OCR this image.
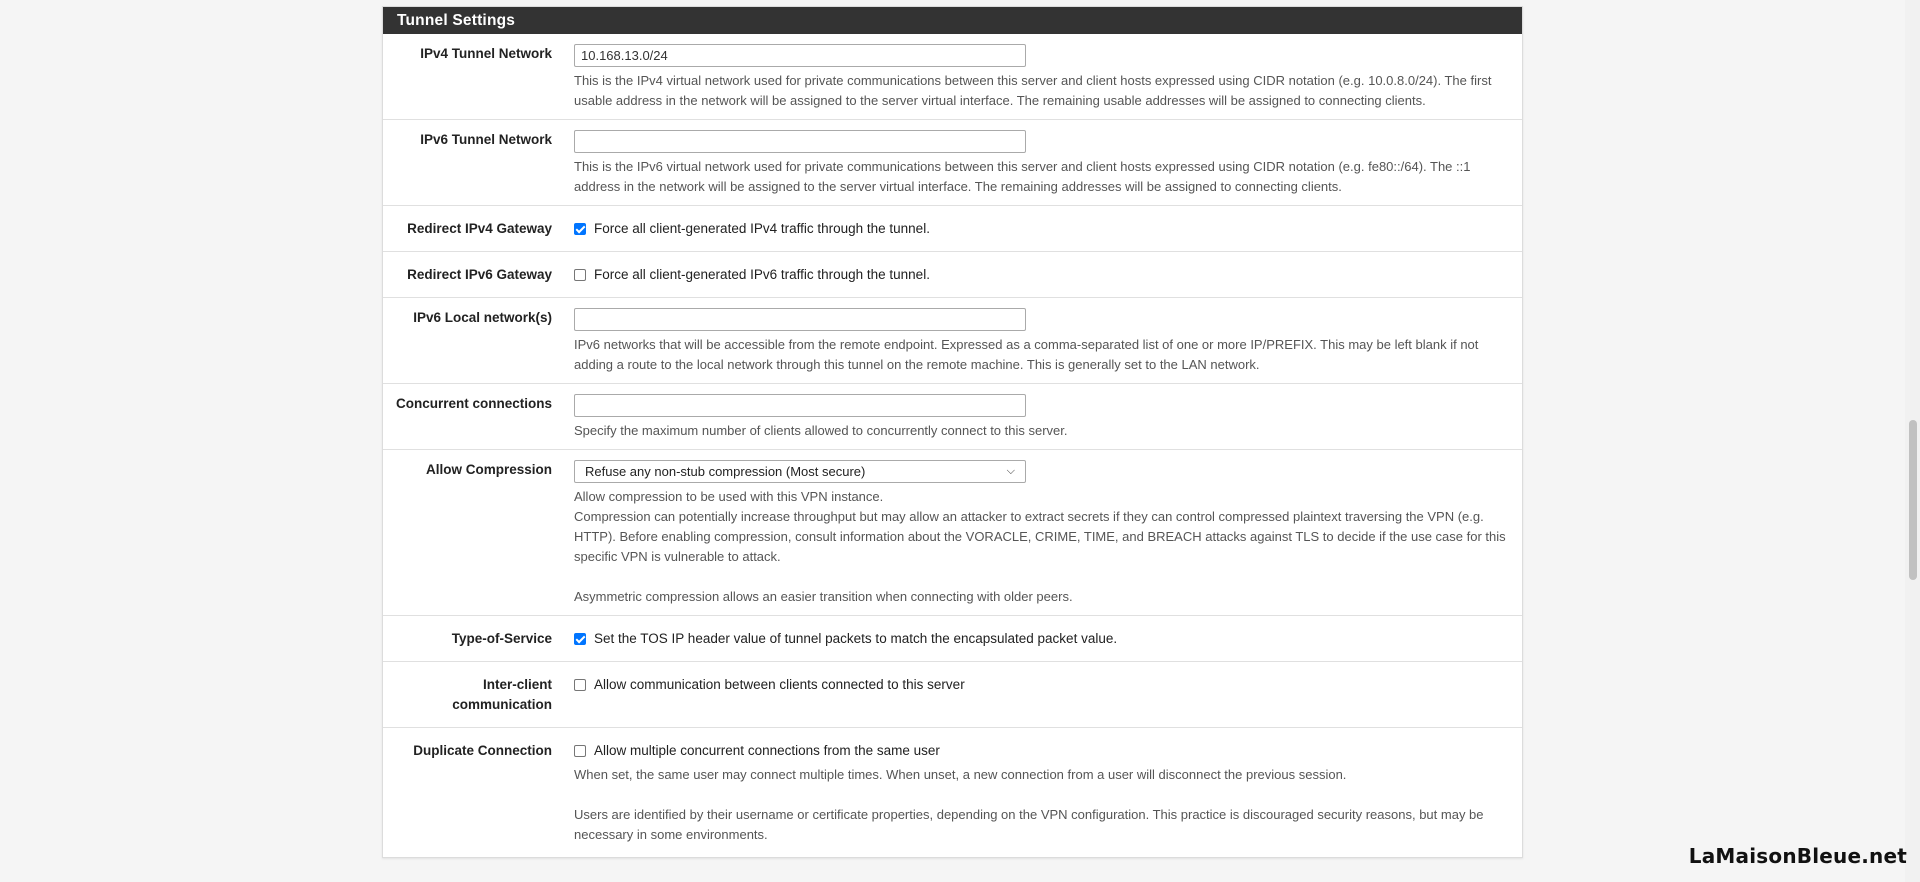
Tunnel Settings
IPv4 Tunnel Network
10.168.13.0/24

This is the IPv4 virtual network used for private communications between this server and client hosts expressed using CIDR notation (e.g. 10.0.8.0/24). The first usable address in the network will be assigned to the server virtual interface. The remaining usable addresses will be assigned to connecting clients.

IPv6 Tunnel Network

This is the IPv6 virtual network used for private communications between this server and client hosts expressed using CIDR notation (e.g. fe80::/64). The ::1 address in the network will be assigned to the server virtual interface. The remaining addresses will be assigned to connecting clients.

Redirect IPv4 Gateway	Force all client-generated IPv4 traffic through the tunnel.
Redirect IPv6 Gateway	Force all client-generated IPv6 traffic through the tunnel.
IPv6 Local network(s)

IPv6 networks that will be accessible from the remote endpoint. Expressed as a comma-separated list of one or more IP/PREFIX. This may be left blank if not adding a route to the local network through this tunnel on the remote machine. This is generally set to the LAN network.

Concurrent connections

Specify the maximum number of clients allowed to concurrently connect to this server.

Allow Compression	Refuse any non-stub compression (Most secure)	⌵

Allow compression to be used with this VPN instance.

Compression can potentially increase throughput but may allow an attacker to extract secrets if they can control compressed plaintext traversing the VPN (e.g. HTTP). Before enabling compression, consult information about the VORACLE, CRIME, TIME, and BREACH attacks against TLS to decide if the use case for this specific VPN is vulnerable to attack.

Asymmetric compression allows an easier transition when connecting with older peers.

Type-of-Service	Set the TOS IP header value of tunnel packets to match the encapsulated packet value.
Inter-client
communication
Allow communication between clients connected to this server
Duplicate Connection	Allow multiple concurrent connections from the same user

When set, the same user may connect multiple times. When unset, a new connection from a user will disconnect the previous session.

Users are identified by their username or certificate properties, depending on the VPN configuration. This practice is discouraged security reasons, but may be necessary in some environments.

LaMaisonBleue.net
